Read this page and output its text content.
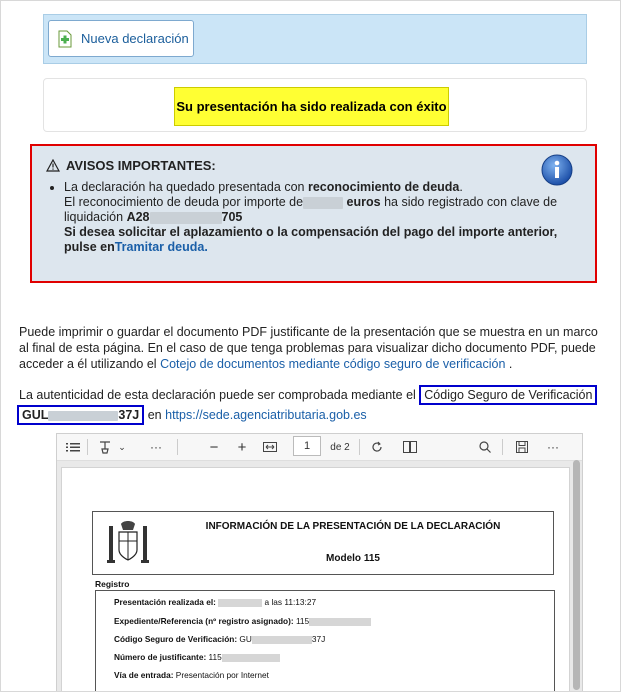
Nueva declaración
Su presentación ha sido realizada con éxito
AVISOS IMPORTANTES:
• La declaración ha quedado presentada con reconocimiento de deuda.
El reconocimiento de deuda por importe de	euros ha sido registrado con clave de
liquidación A28	705
Si desea solicitar el aplazamiento o la compensación del pago del importe anterior,
pulse enTramitar deuda.
Puede imprimir o guardar el documento PDF justificante de la presentación que se muestra en un marco
al final de esta página. En el caso de que tenga problemas para visualizar dicho documento PDF, puede
acceder a él utilizando el Cotejo de documentos mediante código seguro de verificación .
La autenticidad de esta declaración puede ser comprobada mediante el Código Seguro de Verificación
GUL	37J en https://sede.agenciatributaria.gob.es
⌄ ···	− +	1	de 2	···
INFORMACIÓN DE LA PRESENTACIÓN DE LA DECLARACIÓN
Modelo 115
Registro
Presentación realizada el:	a las 11:13:27
Expediente/Referencia (nº registro asignado): 115
Código Seguro de Verificación: GU	37J
Número de justificante: 115
Vía de entrada: Presentación por Internet
